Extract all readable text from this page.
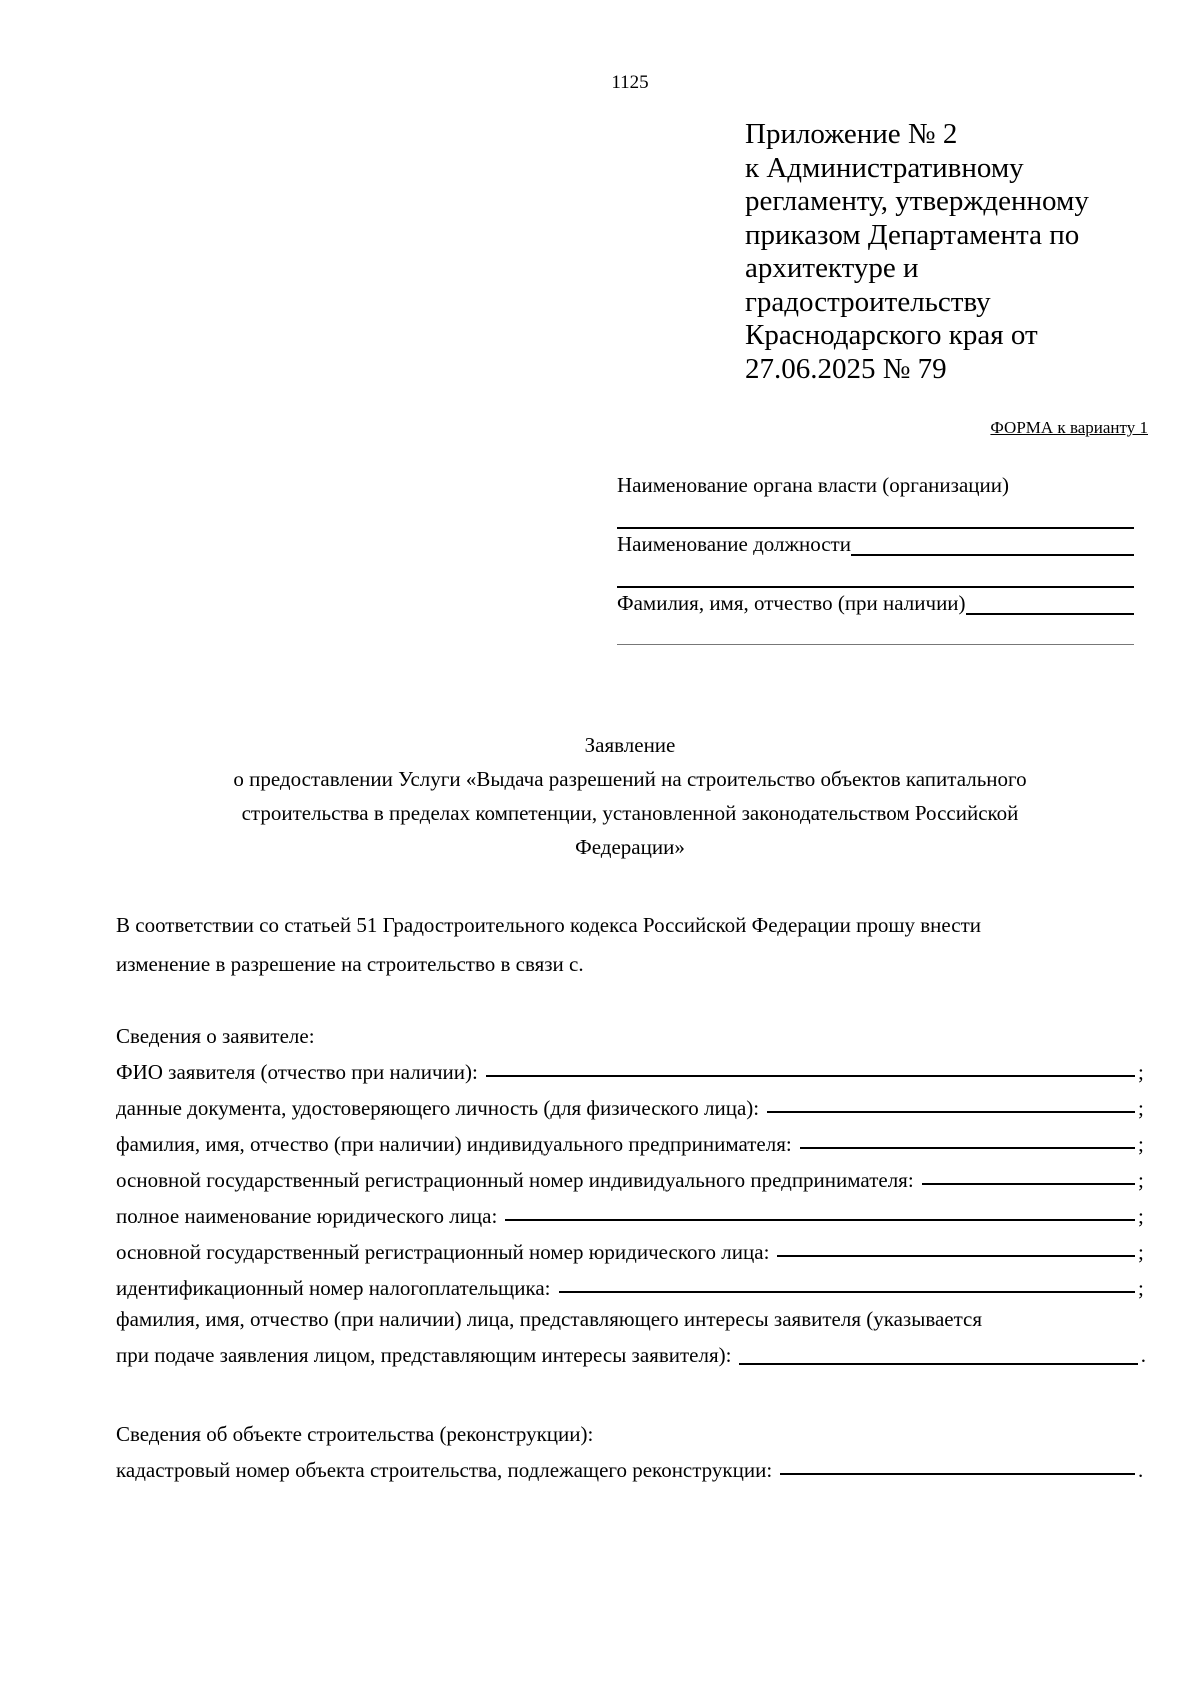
1125
Приложение № 2
к Административному
регламенту, утвержденному
приказом Департамента по
архитектуре и
градостроительству
Краснодарского края от
27.06.2025 № 79
ФОРМА к варианту 1
Наименование органа власти (организации)
Наименование должности
Фамилия, имя, отчество (при наличии)
Заявление
о предоставлении Услуги «Выдача разрешений на строительство объектов капитального
строительства в пределах компетенции, установленной законодательством Российской
Федерации»
В соответствии со статьей 51 Градостроительного кодекса Российской Федерации прошу внести
изменение в разрешение на строительство в связи с.
Сведения о заявителе:
ФИО заявителя (отчество при наличии):	;
данные документа, удостоверяющего личность (для физического лица):	;
фамилия, имя, отчество (при наличии) индивидуального предпринимателя:	;
основной государственный регистрационный номер индивидуального предпринимателя:	;
полное наименование юридического лица:	;
основной государственный регистрационный номер юридического лица:	;
идентификационный номер налогоплательщика:	;
фамилия, имя, отчество (при наличии) лица, представляющего интересы заявителя (указывается
при подаче заявления лицом, представляющим интересы заявителя):	.
Сведения об объекте строительства (реконструкции):
кадастровый номер объекта строительства, подлежащего реконструкции:	.
